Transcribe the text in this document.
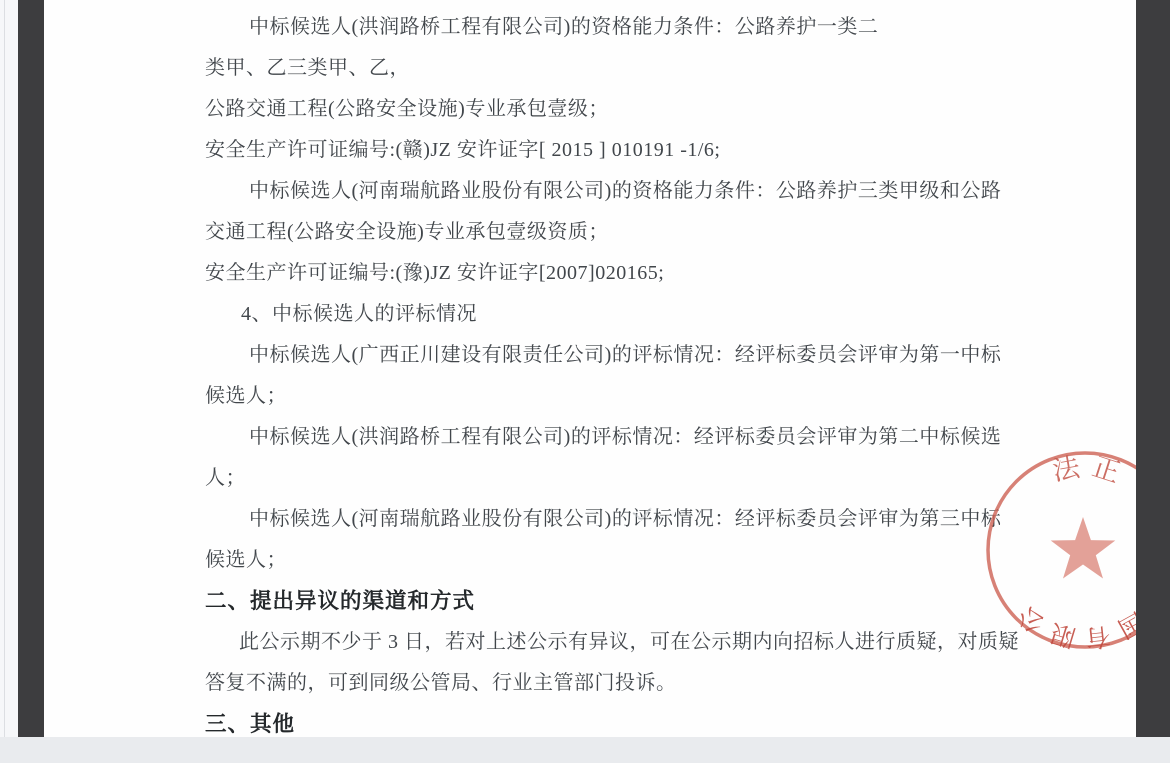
中标候选人(洪润路桥工程有限公司)的资格能力条件：公路养护一类二
类甲、乙三类甲、乙，
公路交通工程(公路安全设施)专业承包壹级；
安全生产许可证编号:(赣)JZ 安许证字[ 2015 ] 010191 -1/6;
中标候选人(河南瑞航路业股份有限公司)的资格能力条件：公路养护三类甲级和公路
交通工程(公路安全设施)专业承包壹级资质；
安全生产许可证编号:(豫)JZ 安许证字[2007]020165;
4、中标候选人的评标情况
中标候选人(广西正川建设有限责任公司)的评标情况：经评标委员会评审为第一中标
候选人；
中标候选人(洪润路桥工程有限公司)的评标情况：经评标委员会评审为第二中标候选
人；
中标候选人(河南瑞航路业股份有限公司)的评标情况：经评标委员会评审为第三中标
候选人；
二、提出异议的渠道和方式
此公示期不少于 3 日，若对上述公示有异议，可在公示期内向招标人进行质疑，对质疑
答复不满的，可到同级公管局、行业主管部门投诉。
三、其他
法正
国有限公
